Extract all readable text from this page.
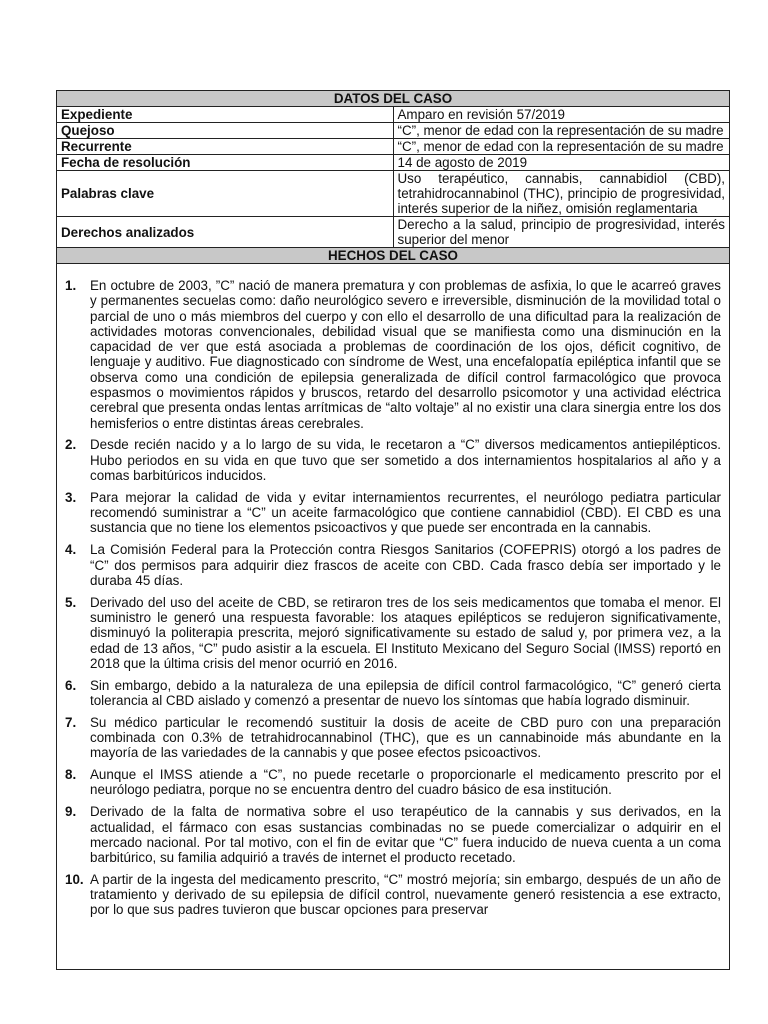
DATOS DEL CASO	
Expediente	Amparo en revisión 57/2019
Quejoso	“C”, menor de edad con la representación de su madre
Recurrente	“C”, menor de edad con la representación de su madre
Fecha de resolución	14 de agosto de 2019
Palabras clave	Uso terapéutico, cannabis, cannabidiol (CBD), tetrahidrocannabinol (THC), principio de progresividad, interés superior de la niñez, omisión reglamentaria
Derechos analizados	Derecho a la salud, principio de progresividad, interés superior del menor
HECHOS DEL CASO	
1. En octubre de 2003, ”C” nació de manera prematura y con problemas de asfixia, lo que le acarreó graves y permanentes secuelas como: daño neurológico severo e irreversible, disminución de la movilidad total o parcial de uno o más miembros del cuerpo y con ello el desarrollo de una dificultad para la realización de actividades motoras convencionales, debilidad visual que se manifiesta como una disminución en la capacidad de ver que está asociada a problemas de coordinación de los ojos, déficit cognitivo, de lenguaje y auditivo. Fue diagnosticado con síndrome de West, una encefalopatía epiléptica infantil que se observa como una condición de epilepsia generalizada de difícil control farmacológico que provoca espasmos o movimientos rápidos y bruscos, retardo del desarrollo psicomotor y una actividad eléctrica cerebral que presenta ondas lentas arrítmicas de “alto voltaje” al no existir una clara sinergia entre los dos hemisferios o entre distintas áreas cerebrales.
2. Desde recién nacido y a lo largo de su vida, le recetaron a “C” diversos medicamentos antiepilépticos. Hubo periodos en su vida en que tuvo que ser sometido a dos internamientos hospitalarios al año y a comas barbitúricos inducidos.
3. Para mejorar la calidad de vida y evitar internamientos recurrentes, el neurólogo pediatra particular recomendó suministrar a “C” un aceite farmacológico que contiene cannabidiol (CBD). El CBD es una sustancia que no tiene los elementos psicoactivos y que puede ser encontrada en la cannabis.
4. La Comisión Federal para la Protección contra Riesgos Sanitarios (COFEPRIS) otorgó a los padres de “C” dos permisos para adquirir diez frascos de aceite con CBD. Cada frasco debía ser importado y le duraba 45 días.
5. Derivado del uso del aceite de CBD, se retiraron tres de los seis medicamentos que tomaba el menor. El suministro le generó una respuesta favorable: los ataques epilépticos se redujeron significativamente, disminuyó la politerapia prescrita, mejoró significativamente su estado de salud y, por primera vez, a la edad de 13 años, “C” pudo asistir a la escuela. El Instituto Mexicano del Seguro Social (IMSS) reportó en 2018 que la última crisis del menor ocurrió en 2016.
6. Sin embargo, debido a la naturaleza de una epilepsia de difícil control farmacológico, “C” generó cierta tolerancia al CBD aislado y comenzó a presentar de nuevo los síntomas que había logrado disminuir.
7. Su médico particular le recomendó sustituir la dosis de aceite de CBD puro con una preparación combinada con 0.3% de tetrahidrocannabinol (THC), que es un cannabinoide más abundante en la mayoría de las variedades de la cannabis y que posee efectos psicoactivos.
8. Aunque el IMSS atiende a “C”, no puede recetarle o proporcionarle el medicamento prescrito por el neurólogo pediatra, porque no se encuentra dentro del cuadro básico de esa institución.
9. Derivado de la falta de normativa sobre el uso terapéutico de la cannabis y sus derivados, en la actualidad, el fármaco con esas sustancias combinadas no se puede comercializar o adquirir en el mercado nacional. Por tal motivo, con el fin de evitar que “C” fuera inducido de nueva cuenta a un coma barbitúrico, su familia adquirió a través de internet el producto recetado.
10. A partir de la ingesta del medicamento prescrito, “C” mostró mejoría; sin embargo, después de un año de tratamiento y derivado de su epilepsia de difícil control, nuevamente generó resistencia a ese extracto, por lo que sus padres tuvieron que buscar opciones para preservar
